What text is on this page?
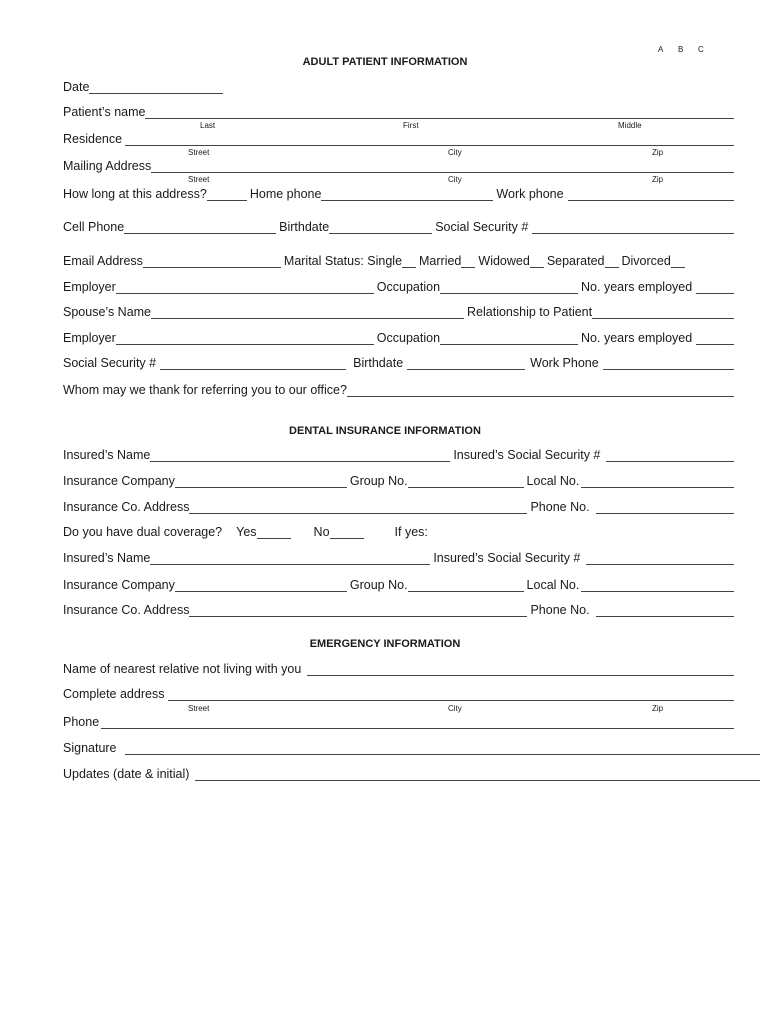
A B C
ADULT PATIENT INFORMATION
Date
Patient’s name
Last	First	Middle
Residence
Street	City	Zip
Mailing Address
Street	City	Zip
How long at this address?	Home phone	Work phone
Cell Phone	Birthdate	Social Security #
Email Address	Marital Status: Single Married Widowed Separated Divorced
Employer	Occupation	No. years employed
Spouse’s Name	Relationship to Patient
Employer	Occupation	No. years employed
Social Security #	Birthdate	Work Phone
Whom may we thank for referring you to our office?
DENTAL INSURANCE INFORMATION
Insured’s Name	Insured’s Social Security #
Insurance Company	Group No.	Local No.
Insurance Co. Address	Phone No.
Do you have dual coverage? Yes	No	If yes:
Insured’s Name	Insured’s Social Security #
Insurance Company	Group No.	Local No.
Insurance Co. Address	Phone No.
EMERGENCY INFORMATION
Name of nearest relative not living with you
Complete address
Street	City	Zip
Phone
Signature
Updates (date & initial)
